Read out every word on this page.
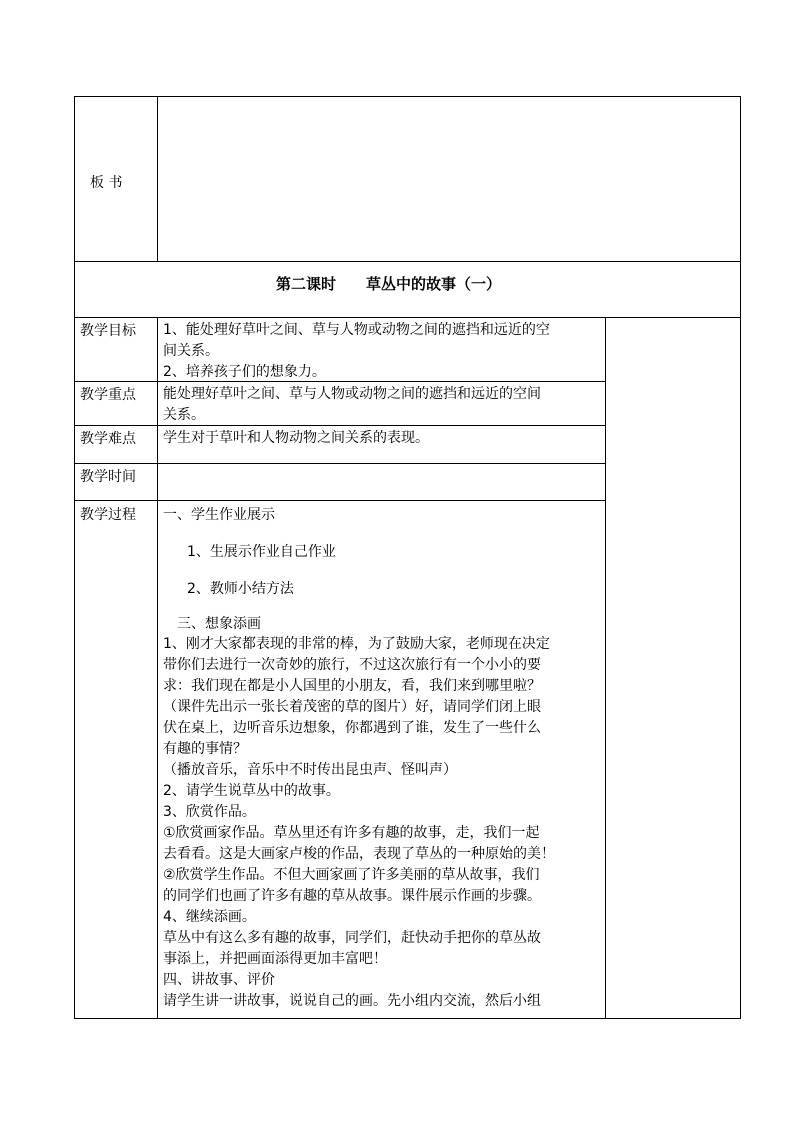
板 书
第二课时　　草丛中的故事（一）
教学目标 1、能处理好草叶之间、草与人物或动物之间的遮挡和远近的空

间关系。

2、培养孩子们的想象力。

教学重点 能处理好草叶之间、草与人物或动物之间的遮挡和远近的空间

关系。

教学难点 学生对于草叶和人物动物之间关系的表现。

教学时间
教学过程 一、学生作业展示
1、生展示作业自己作业
2、教师小结方法
三、想象添画

1、刚才大家都表现的非常的棒，为了鼓励大家，老师现在决定

带你们去进行一次奇妙的旅行，不过这次旅行有一个小小的要

求：我们现在都是小人国里的小朋友，看，我们来到哪里啦？

（课件先出示一张长着茂密的草的图片）好，请同学们闭上眼

伏在桌上，边听音乐边想象，你都遇到了谁，发生了一些什么

有趣的事情？

（播放音乐，音乐中不时传出昆虫声、怪叫声）

2、请学生说草丛中的故事。

3、欣赏作品。

①欣赏画家作品。草丛里还有许多有趣的故事，走，我们一起

去看看。这是大画家卢梭的作品，表现了草丛的一种原始的美！

②欣赏学生作品。不但大画家画了许多美丽的草从故事，我们

的同学们也画了许多有趣的草从故事。课件展示作画的步骤。

4、继续添画。

草丛中有这么多有趣的故事，同学们，赶快动手把你的草丛故

事添上，并把画面添得更加丰富吧！

四、讲故事、评价

请学生讲一讲故事，说说自己的画。先小组内交流，然后小组
